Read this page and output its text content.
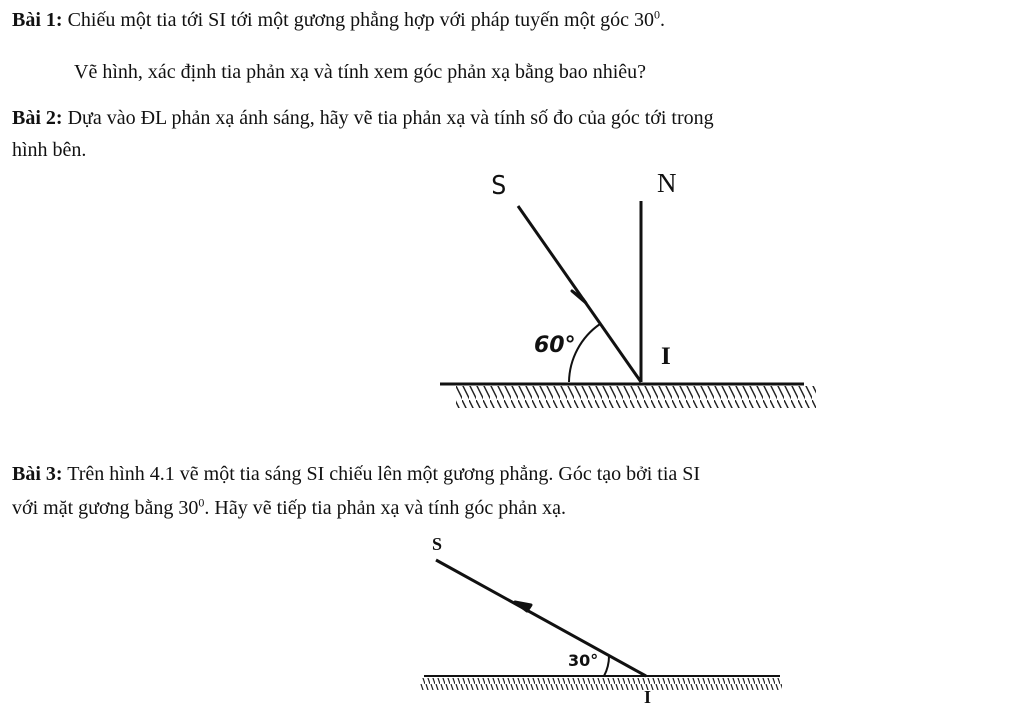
Bài 1: Chiếu một tia tới SI tới một gương phẳng hợp với pháp tuyến một góc $30^0$.
Vẽ hình, xác định tia phản xạ và tính xem góc phản xạ bằng bao nhiêu?
Bài 2: Dựa vào ĐL phản xạ ánh sáng, hãy vẽ tia phản xạ và tính số đo của góc tới trong
hình bên.
S	N
I
60°
Bài 3: Trên hình 4.1 vẽ một tia sáng SI chiếu lên một gương phẳng. Góc tạo bởi tia SI
với mặt gương bằng $30^0$. Hãy vẽ tiếp tia phản xạ và tính góc phản xạ.
S
30°
I
